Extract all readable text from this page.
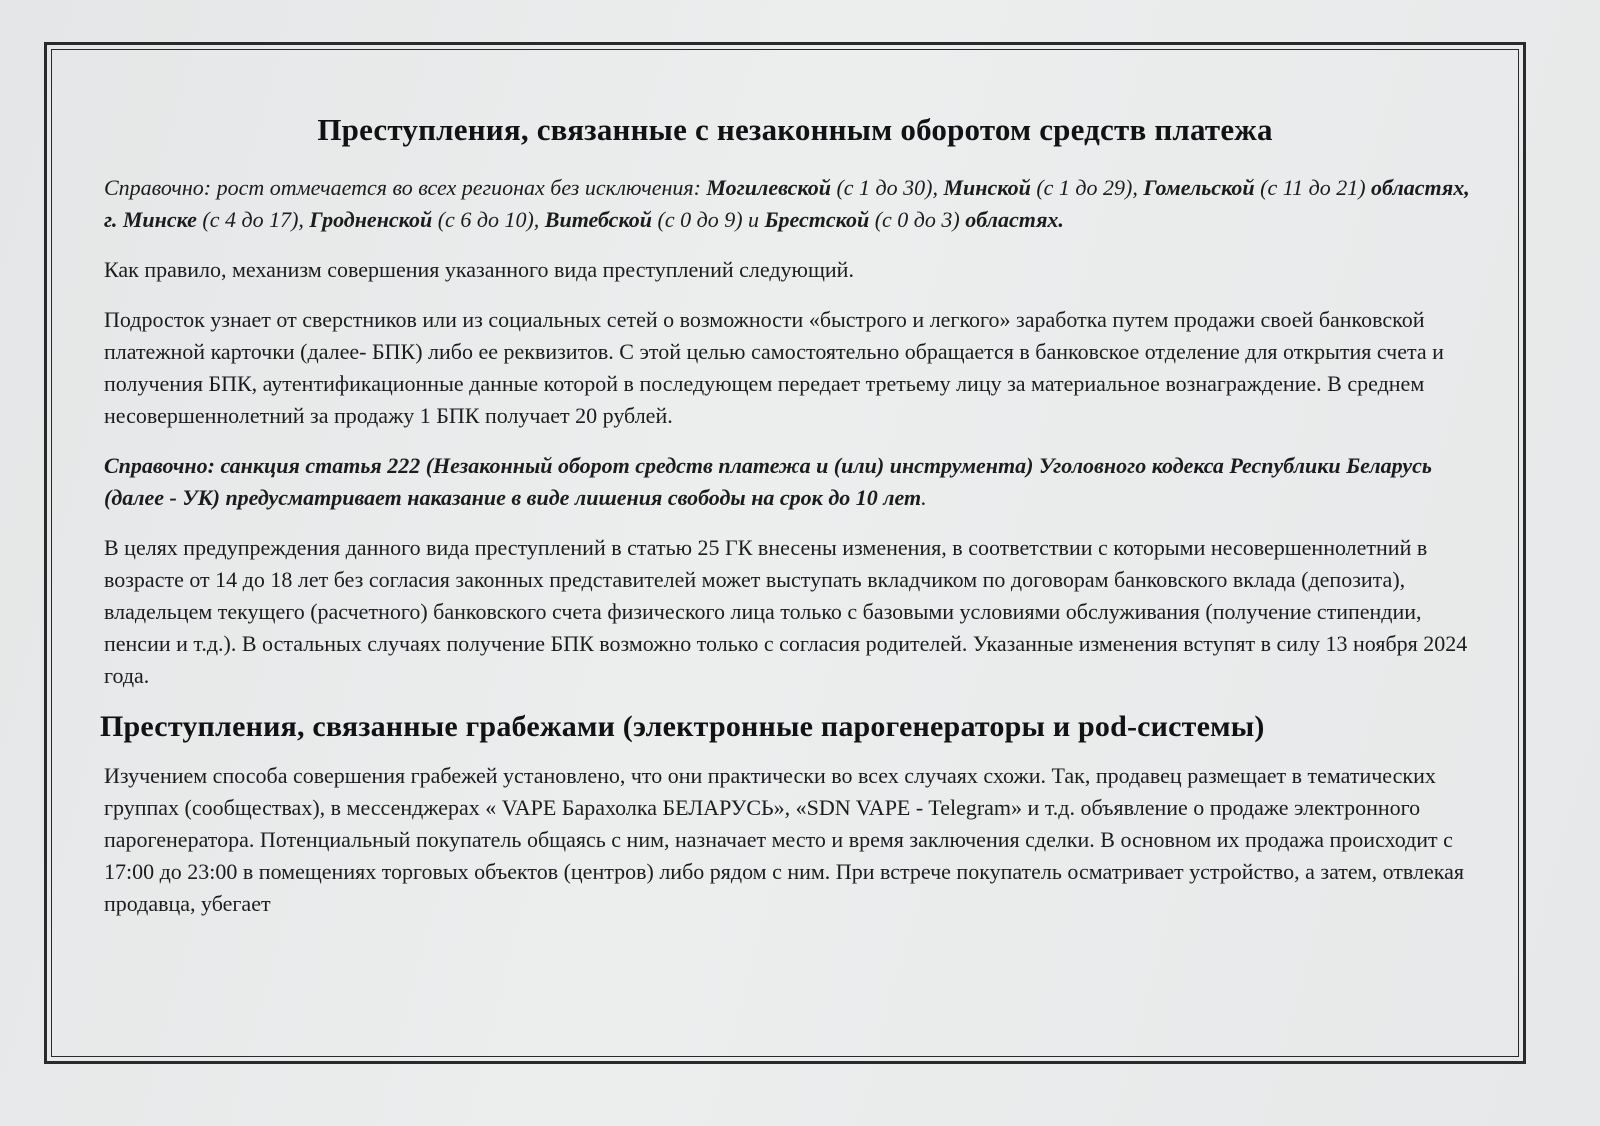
Преступления, связанные с незаконным оборотом средств платежа

Справочно: рост отмечается во всех регионах без исключения: Могилевской (с 1 до 30), Минской (с 1 до 29), Гомельской (с 11 до 21) областях, г. Минске (с 4 до 17), Гродненской (с 6 до 10), Витебской (с 0 до 9) и Брестской (с 0 до 3) областях.

Как правило, механизм совершения указанного вида преступлений следующий.

Подросток узнает от сверстников или из социальных сетей о возможности «быстрого и легкого» заработка путем продажи своей банковской платежной карточки (далее- БПК) либо ее реквизитов. С этой целью самостоятельно обращается в банковское отделение для открытия счета и получения БПК, аутентификационные данные которой в последующем передает третьему лицу за материальное вознаграждение. В среднем несовершеннолетний за продажу 1 БПК получает 20 рублей.

Справочно: санкция статья 222 (Незаконный оборот средств платежа и (или) инструмента) Уголовного кодекса Республики Беларусь (далее - УК) предусматривает наказание в виде лишения свободы на срок до 10 лет.

В целях предупреждения данного вида преступлений в статью 25 ГК внесены изменения, в соответствии с которыми несовершеннолетний в возрасте от 14 до 18 лет без согласия законных представителей может выступать вкладчиком по договорам банковского вклада (депозита), владельцем текущего (расчетного) банковского счета физического лица только с базовыми условиями обслуживания (получение стипендии, пенсии и т.д.). В остальных случаях получение БПК возможно только с согласия родителей. Указанные изменения вступят в силу 13 ноября 2024 года.

Преступления, связанные грабежами (электронные парогенераторы и pod-системы)

Изучением способа совершения грабежей установлено, что они практически во всех случаях схожи. Так, продавец размещает в тематических группах (сообществах), в мессенджерах « VAPE Барахолка БЕЛАРУСЬ», «SDN VAPE - Telegram» и т.д. объявление о продаже электронного парогенератора. Потенциальный покупатель общаясь с ним, назначает место и время заключения сделки. В основном их продажа происходит с 17:00 до 23:00 в помещениях торговых объектов (центров) либо рядом с ним. При встрече покупатель осматривает устройство, а затем, отвлекая продавца, убегает
